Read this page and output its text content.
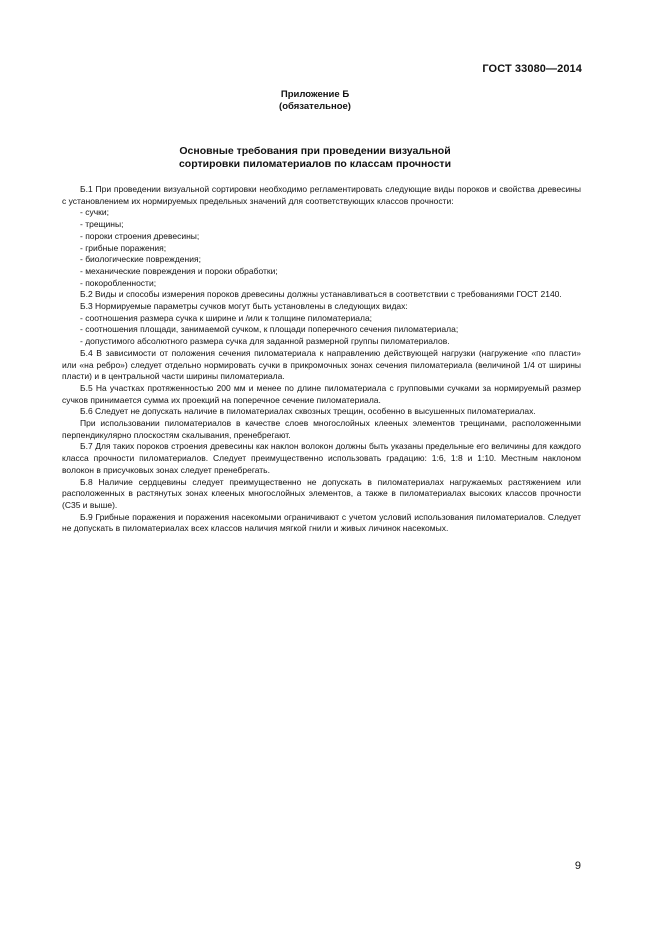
ГОСТ 33080—2014
Приложение Б
(обязательное)
Основные требования при проведении визуальной
сортировки пиломатериалов по классам прочности

Б.1 При проведении визуальной сортировки необходимо регламентировать следующие виды пороков и свойства древесины с установлением их нормируемых предельных значений для соответствующих классов прочности:

- сучки;

- трещины;

- пороки строения древесины;

- грибные поражения;

- биологические повреждения;

- механические повреждения и пороки обработки;

- покоробленности;

Б.2 Виды и способы измерения пороков древесины должны устанавливаться в соответствии с требованиями ГОСТ 2140.

Б.3 Нормируемые параметры сучков могут быть установлены в следующих видах:

- соотношения размера сучка к ширине и /или к толщине пиломатериала;

- соотношения площади, занимаемой сучком, к площади поперечного сечения пиломатериала;

- допустимого абсолютного размера сучка для заданной размерной группы пиломатериалов.

Б.4 В зависимости от положения сечения пиломатериала к направлению действующей нагрузки (нагружение «по пласти» или «на ребро») следует отдельно нормировать сучки в прикромочных зонах сечения пиломатериала (величиной 1/4 от ширины пласти) и в центральной части ширины пиломатериала.

Б.5 На участках протяженностью 200 мм и менее по длине пиломатериала с групповыми сучками за нормируемый размер сучков принимается сумма их проекций на поперечное сечение пиломатериала.

Б.6 Следует не допускать наличие в пиломатериалах сквозных трещин, особенно в высушенных пиломатериалах.

При использовании пиломатериалов в качестве слоев многослойных клееных элементов трещинами, расположенными перпендикулярно плоскостям скалывания, пренебрегают.

Б.7 Для таких пороков строения древесины как наклон волокон должны быть указаны предельные его величины для каждого класса прочности пиломатериалов. Следует преимущественно использовать градацию: 1:6, 1:8 и 1:10. Местным наклоном волокон в присучковых зонах следует пренебрегать.

Б.8 Наличие сердцевины следует преимущественно не допускать в пиломатериалах нагружаемых растяжением или расположенных в растянутых зонах клееных многослойных элементов, а также в пиломатериалах высоких классов прочности (С35 и выше).

Б.9 Грибные поражения и поражения насекомыми ограничивают с учетом условий использования пиломатериалов. Следует не допускать в пиломатериалах всех классов наличия мягкой гнили и живых личинок насекомых.

9
